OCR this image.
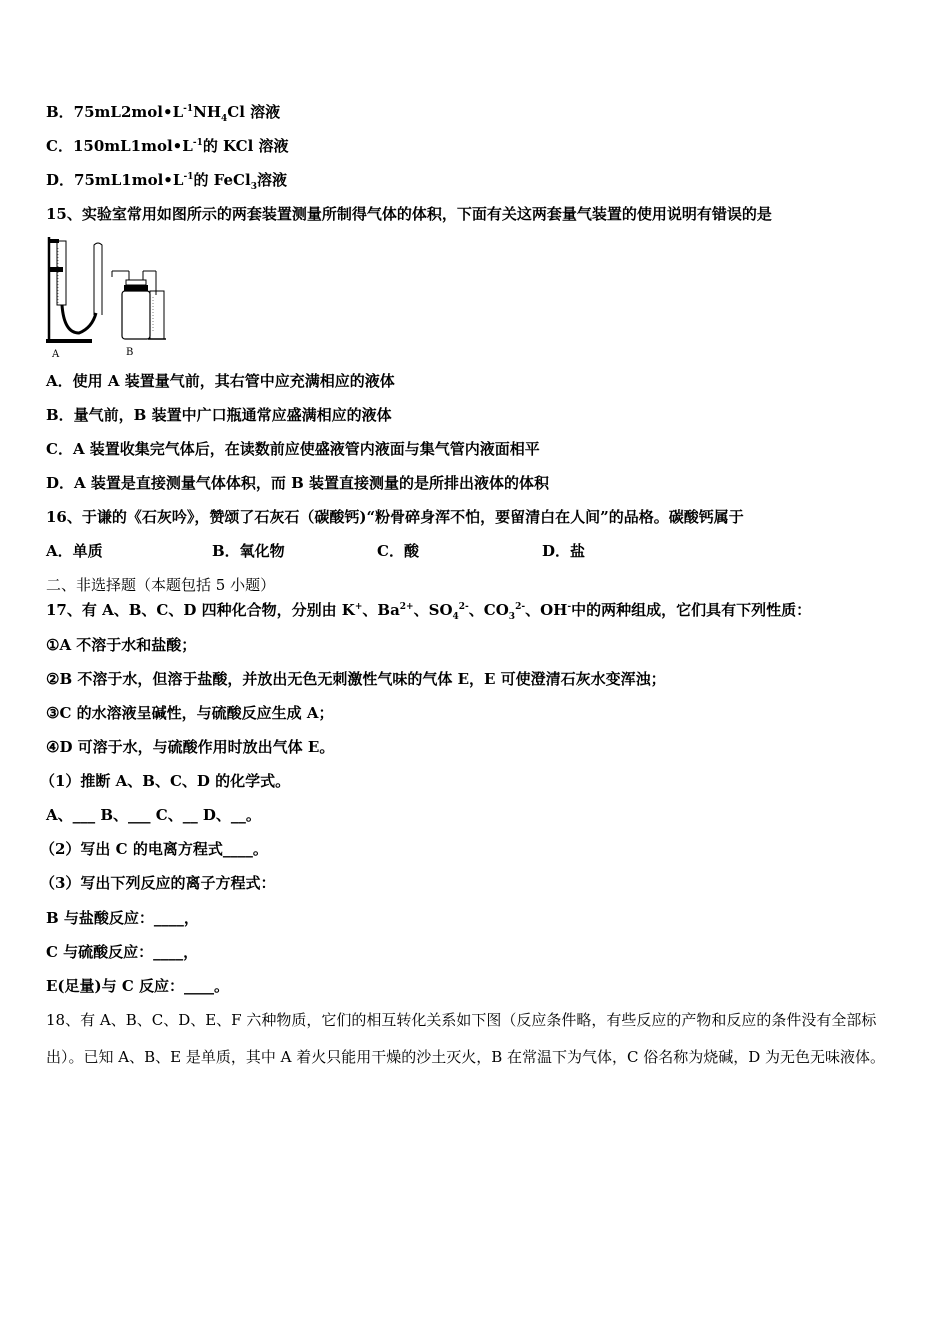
B．$75mL2mol•L^{-1}NH_4Cl$ 溶液
C．$150mL1mol•L^{-1}$的 KCl 溶液
D．$75mL1mol•L^{-1}$的 FeCl$_3$溶液
15、实验室常用如图所示的两套装置测量所制得气体的体积，下面有关这两套量气装置的使用说明有错误的是
A	B
A．使用 A 装置量气前，其右管中应充满相应的液体
B．量气前，B 装置中广口瓶通常应盛满相应的液体
C．A 装置收集完气体后，在读数前应使盛液管内液面与集气管内液面相平
D．A 装置是直接测量气体体积，而 B 装置直接测量的是所排出液体的体积
16、于谦的《石灰吟》，赞颂了石灰石（碳酸钙)“粉骨碎身浑不怕，要留清白在人间”的品格。碳酸钙属于
A．单质	B．氧化物	C．酸	D．盐
二、非选择题（本题包括 5 小题）
17、有 A、B、C、D 四种化合物，分别由 K+、$Ba^{2+}$、$SO_4^{2-}$、$CO_3^{2-}$、OH-中的两种组成，它们具有下列性质：
①A 不溶于水和盐酸；
②B 不溶于水，但溶于盐酸，并放出无色无刺激性气味的气体 E，E 可使澄清石灰水变浑浊；
③C 的水溶液呈碱性，与硫酸反应生成 A；
④D 可溶于水，与硫酸作用时放出气体 E。
（1）推断 A、B、C、D 的化学式。
A、___ B、___ C、__ D、__。
（2）写出 C 的电离方程式____。
（3）写出下列反应的离子方程式：
B 与盐酸反应：____，
C 与硫酸反应：____，
E(足量)与 C 反应：____。
18、有 A、B、C、D、E、F 六种物质，它们的相互转化关系如下图（反应条件略，有些反应的产物和反应的条件没有全部标出）。已知 A、B、E 是单质，其中 A 着火只能用干燥的沙土灭火，B 在常温下为气体，C 俗名称为烧碱，D 为无色无味液体。
